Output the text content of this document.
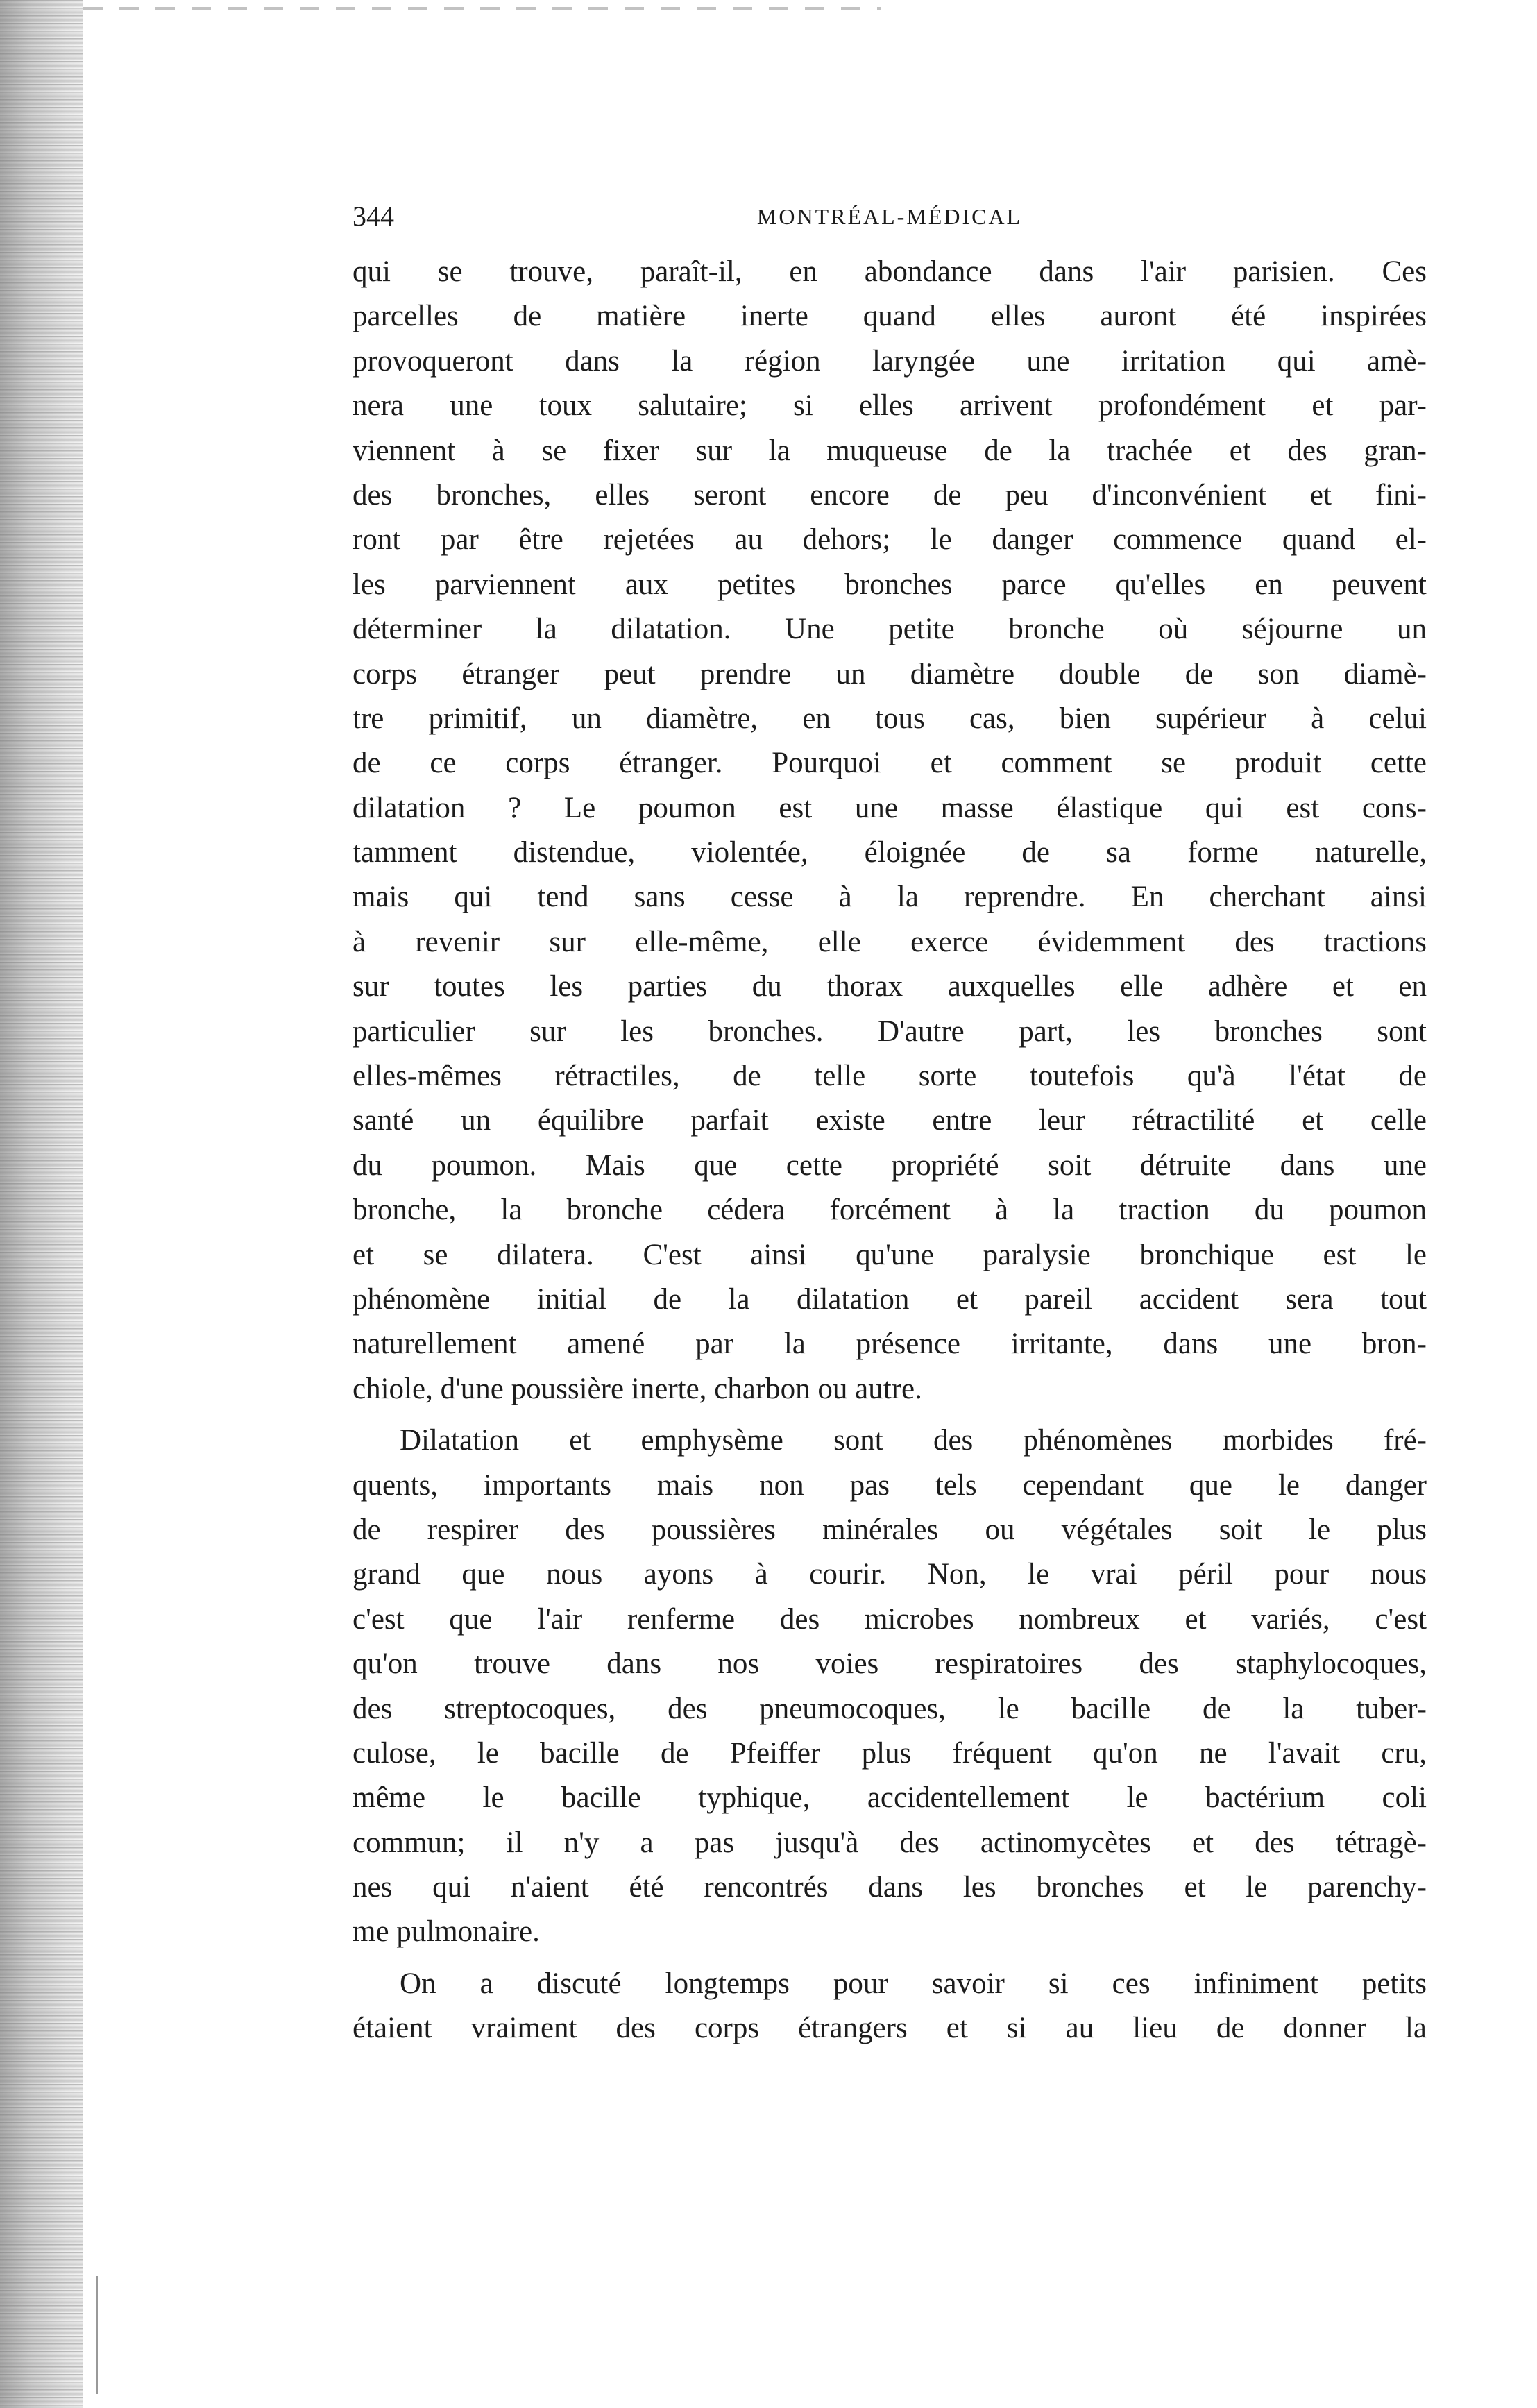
344	MONTRÉAL-MÉDICAL
qui se trouve, paraît-il, en abondance dans l'air parisien. Ces
parcelles de matière inerte quand elles auront été inspirées
provoqueront dans la région laryngée une irritation qui amè-
nera une toux salutaire; si elles arrivent profondément et par-
viennent à se fixer sur la muqueuse de la trachée et des gran-
des bronches, elles seront encore de peu d'inconvénient et fini-
ront par être rejetées au dehors; le danger commence quand el-
les parviennent aux petites bronches parce qu'elles en peuvent
déterminer la dilatation. Une petite bronche où séjourne un
corps étranger peut prendre un diamètre double de son diamè-
tre primitif, un diamètre, en tous cas, bien supérieur à celui
de ce corps étranger. Pourquoi et comment se produit cette
dilatation ? Le poumon est une masse élastique qui est cons-
tamment distendue, violentée, éloignée de sa forme naturelle,
mais qui tend sans cesse à la reprendre. En cherchant ainsi
à revenir sur elle-même, elle exerce évidemment des tractions
sur toutes les parties du thorax auxquelles elle adhère et en
particulier sur les bronches. D'autre part, les bronches sont
elles-mêmes rétractiles, de telle sorte toutefois qu'à l'état de
santé un équilibre parfait existe entre leur rétractilité et celle
du poumon. Mais que cette propriété soit détruite dans une
bronche, la bronche cédera forcément à la traction du poumon
et se dilatera. C'est ainsi qu'une paralysie bronchique est le
phénomène initial de la dilatation et pareil accident sera tout
naturellement amené par la présence irritante, dans une bron-
chiole, d'une poussière inerte, charbon ou autre.
Dilatation et emphysème sont des phénomènes morbides fré-
quents, importants mais non pas tels cependant que le danger
de respirer des poussières minérales ou végétales soit le plus
grand que nous ayons à courir. Non, le vrai péril pour nous
c'est que l'air renferme des microbes nombreux et variés, c'est
qu'on trouve dans nos voies respiratoires des staphylocoques,
des streptocoques, des pneumocoques, le bacille de la tuber-
culose, le bacille de Pfeiffer plus fréquent qu'on ne l'avait cru,
même le bacille typhique, accidentellement le bactérium coli
commun; il n'y a pas jusqu'à des actinomycètes et des tétragè-
nes qui n'aient été rencontrés dans les bronches et le parenchy-
me pulmonaire.
On a discuté longtemps pour savoir si ces infiniment petits
étaient vraiment des corps étrangers et si au lieu de donner la
